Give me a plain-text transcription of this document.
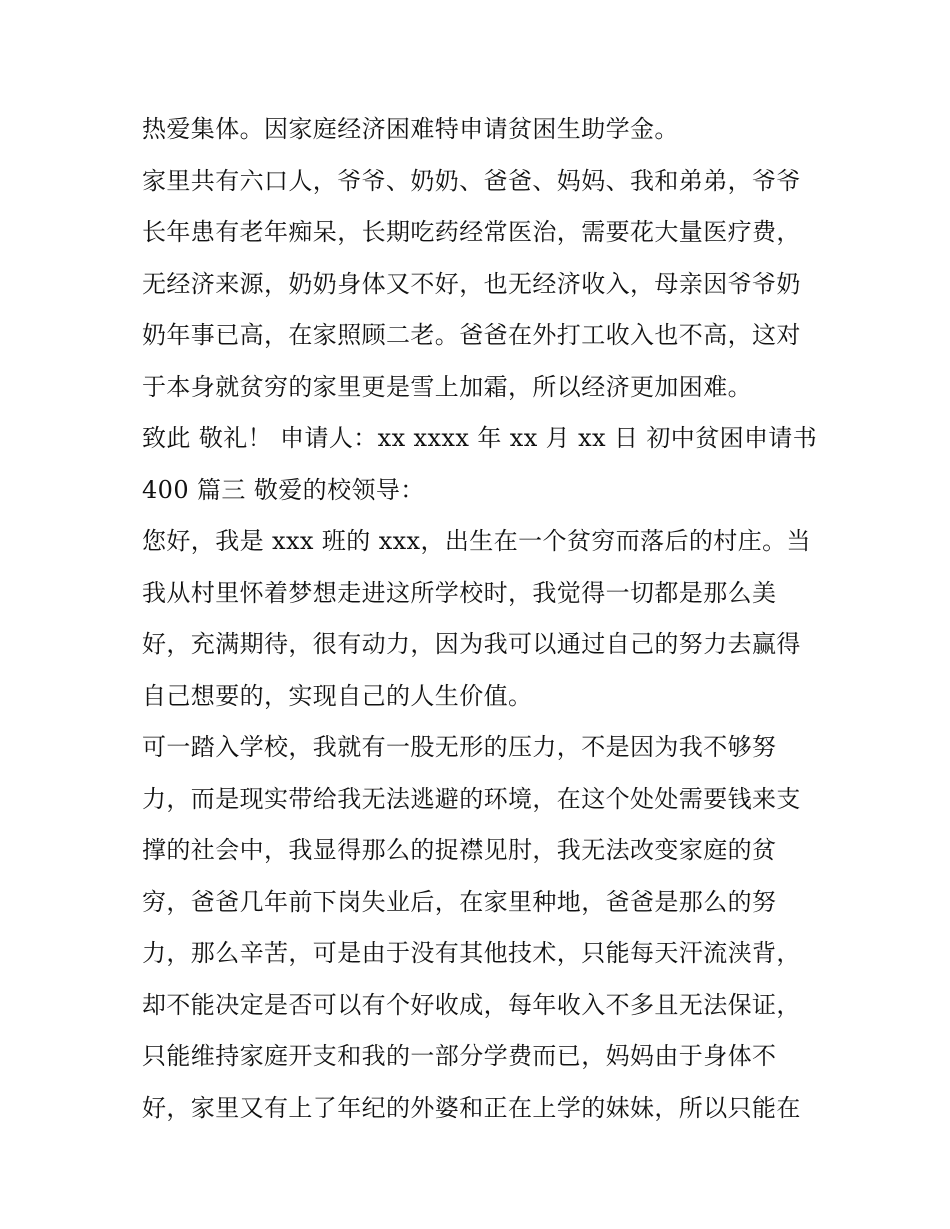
热爱集体。因家庭经济困难特申请贫困生助学金。
家里共有六口人，爷爷、奶奶、爸爸、妈妈、我和弟弟，爷爷
长年患有老年痴呆，长期吃药经常医治，需要花大量医疗费，
无经济来源，奶奶身体又不好，也无经济收入，母亲因爷爷奶
奶年事已高，在家照顾二老。爸爸在外打工收入也不高，这对
于本身就贫穷的家里更是雪上加霜，所以经济更加困难。
致此 敬礼！ 申请人：xx xxxx 年 xx 月 xx 日 初中贫困申请书
400 篇三 敬爱的校领导：
您好，我是 xxx 班的 xxx，出生在一个贫穷而落后的村庄。当
我从村里怀着梦想走进这所学校时，我觉得一切都是那么美
好，充满期待，很有动力，因为我可以通过自己的努力去赢得
自己想要的，实现自己的人生价值。
可一踏入学校，我就有一股无形的压力，不是因为我不够努
力，而是现实带给我无法逃避的环境，在这个处处需要钱来支
撑的社会中，我显得那么的捉襟见肘，我无法改变家庭的贫
穷，爸爸几年前下岗失业后，在家里种地，爸爸是那么的努
力，那么辛苦，可是由于没有其他技术，只能每天汗流浃背，
却不能决定是否可以有个好收成，每年收入不多且无法保证，
只能维持家庭开支和我的一部分学费而已，妈妈由于身体不
好，家里又有上了年纪的外婆和正在上学的妹妹，所以只能在
